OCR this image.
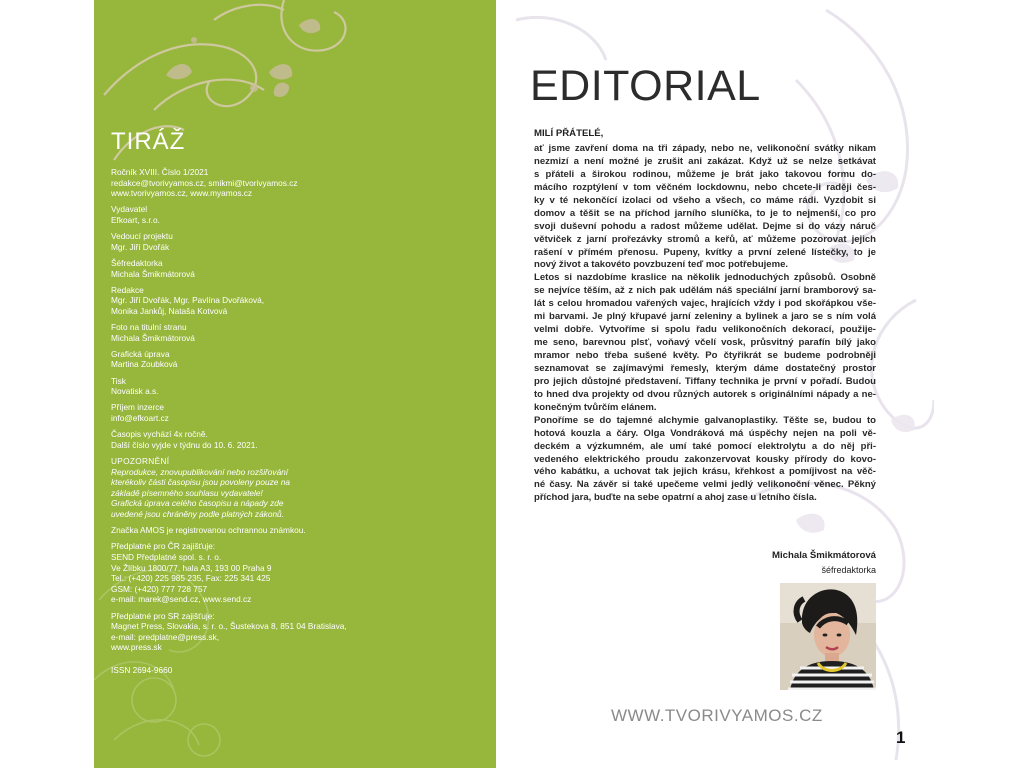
TIRÁŽ
Ročník XVIII. Číslo 1/2021
redakce@tvorivyamos.cz, smikmi@tvorivyamos.cz
www.tvorivyamos.cz, www.myamos.cz
Vydavatel
Efkoart, s.r.o.
Vedoucí projektu
Mgr. Jiří Dvořák
Šéfredaktorka
Michala Šmikmátorová
Redakce
Mgr. Jiří Dvořák, Mgr. Pavlína Dvořáková,
Monika Jankůj, Nataša Kotvová
Foto na titulní stranu
Michala Šmikmátorová
Grafická úprava
Martina Zoubková
Tisk
Novatisk a.s.
Příjem inzerce
info@efkoart.cz
Časopis vychází 4x ročně.
Další číslo vyjde v týdnu do 10. 6. 2021.
UPOZORNĚNÍ
Reprodukce, znovupublikování nebo rozšiřování
kterékoliv části časopisu jsou povoleny pouze na
základě písemného souhlasu vydavatele!
Grafická úprava celého časopisu a nápady zde
uvedené jsou chráněny podle platných zákonů.
Značka AMOS je registrovanou ochrannou známkou.
Předplatné pro ČR zajišťuje:
SEND Předplatné spol. s. r. o.
Ve Žlíbku 1800/77, hala A3, 193 00 Praha 9
Tel.: (+420) 225 985 235, Fax: 225 341 425
GSM: (+420) 777 728 757
e-mail: marek@send.cz, www.send.cz
Předplatné pro SR zajišťuje:
Magnet Press, Slovakia, s. r. o., Šustekova 8, 851 04 Bratislava,
e-mail: predplatne@press.sk,
www.press.sk
ISSN 2694-9660
EDITORIAL
MILÍ PŘÁTELÉ,
ať jsme zavření doma na tři západy, nebo ne, velikonoční svátky nikam
nezmizí a není možné je zrušit ani zakázat. Když už se nelze setkávat
s přáteli a širokou rodinou, můžeme je brát jako takovou formu do-
mácího rozptýlení v tom věčném lockdownu, nebo chcete-li raději čes-
ky v té nekončící izolaci od všeho a všech, co máme rádi. Vyzdobit si
domov a těšit se na příchod jarního sluníčka, to je to nejmenší, co pro
svoji duševní pohodu a radost můžeme udělat. Dejme si do vázy náruč
větviček z jarní prořezávky stromů a keřů, ať můžeme pozorovat jejich
rašení v přímém přenosu. Pupeny, kvítky a první zelené lístečky, to je
nový život a takovéto povzbuzení teď moc potřebujeme.
Letos si nazdobíme kraslice na několik jednoduchých způsobů. Osobně
se nejvíce těším, až z nich pak udělám náš speciální jarní bramborový sa-
lát s celou hromadou vařených vajec, hrajících vždy i pod skořápkou vše-
mi barvami. Je plný křupavé jarní zeleniny a bylinek a jaro se s ním volá
velmi dobře. Vytvoříme si spolu řadu velikonočních dekorací, použije-
me seno, barevnou plsť, voňavý včelí vosk, průsvitný parafín bílý jako
mramor nebo třeba sušené květy. Po čtyřikrát se budeme podrobněji
seznamovat se zajímavými řemesly, kterým dáme dostatečný prostor
pro jejich důstojné představení. Tiffany technika je první v pořadí. Budou
to hned dva projekty od dvou různých autorek s originálními nápady a ne-
konečným tvůrčím elánem.
Ponoříme se do tajemné alchymie galvanoplastiky. Těšte se, budou to
hotová kouzla a čáry. Olga Vondráková má úspěchy nejen na poli vě-
deckém a výzkumném, ale umí také pomocí elektrolytu a do něj při-
vedeného elektrického proudu zakonzervovat kousky přírody do kovo-
vého kabátku, a uchovat tak jejich krásu, křehkost a pomíjivost na věč-
né časy. Na závěr si také upečeme velmi jedlý velikonoční věnec. Pěkný
příchod jara, buďte na sebe opatrní a ahoj zase u letního čísla.
Michala Šmikmátorová
šéfredaktorka
WWW.TVORIVYAMOS.CZ
1
